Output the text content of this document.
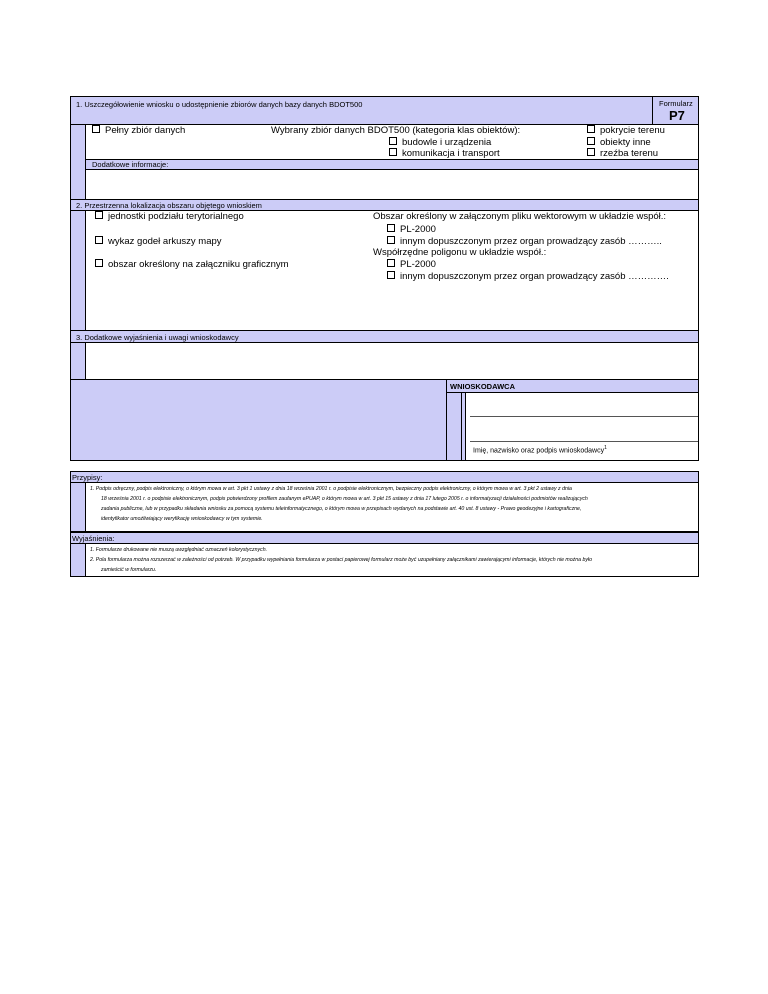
1. Uszczegółowienie wniosku o udostępnienie zbiorów danych bazy danych BDOT500	Formularz
P7
Pełny zbiór danych	Wybrany zbiór danych BDOT500 (kategoria klas obiektów):
budowle i urządzenia
komunikacja i transport
pokrycie terenu
obiekty inne
rzeźba terenu
Dodatkowe informacje:
2. Przestrzenna lokalizacja obszaru objętego wnioskiem
jednostki podziału terytorialnego
wykaz godeł arkuszy mapy
obszar określony na załączniku graficznym
Obszar określony w załączonym pliku wektorowym w układzie współ.:
PL-2000
innym dopuszczonym przez organ prowadzący zasób ………..
Współrzędne poligonu w układzie współ.:
PL-2000
innym dopuszczonym przez organ prowadzący zasób ………….
3. Dodatkowe wyjaśnienia i uwagi wnioskodawcy
WNIOSKODAWCA
Imię, nazwisko oraz podpis wnioskodawcy$^1$
Przypisy:
1. Podpis odręczny, podpis elektroniczny, o którym mowa w art. 3 pkt 1 ustawy z dnia 18 września 2001 r. o podpisie elektronicznym, bezpieczny podpis elektroniczny, o którym mowa w art. 3 pkt 2 ustawy z dnia
18 września 2001 r. o podpisie elektronicznym, podpis potwierdzony profilem zaufanym ePUAP, o którym mowa w art. 3 pkt 15 ustawy z dnia 17 lutego 2005 r. o informatyzacji działalności podmiotów realizujących
zadania publiczne, lub w przypadku składania wniosku za pomocą systemu teleinformatycznego, o którym mowa w przepisach wydanych na podstawie art. 40 ust. 8 ustawy - Prawo geodezyjne i kartograficzne,
identyfikator umożliwiający weryfikację wnioskodawcy w tym systemie.
Wyjaśnienia:
1. Formularze drukowane nie muszą uwzględniać oznaczeń kolorystycznych.
2. Pola formularza można rozszerzać w zależności od potrzeb. W przypadku wypełniania formularza w postaci papierowej formularz może być uzupełniany załącznikami zawierającymi informacje, których nie można było
zamieścić w formularzu.
